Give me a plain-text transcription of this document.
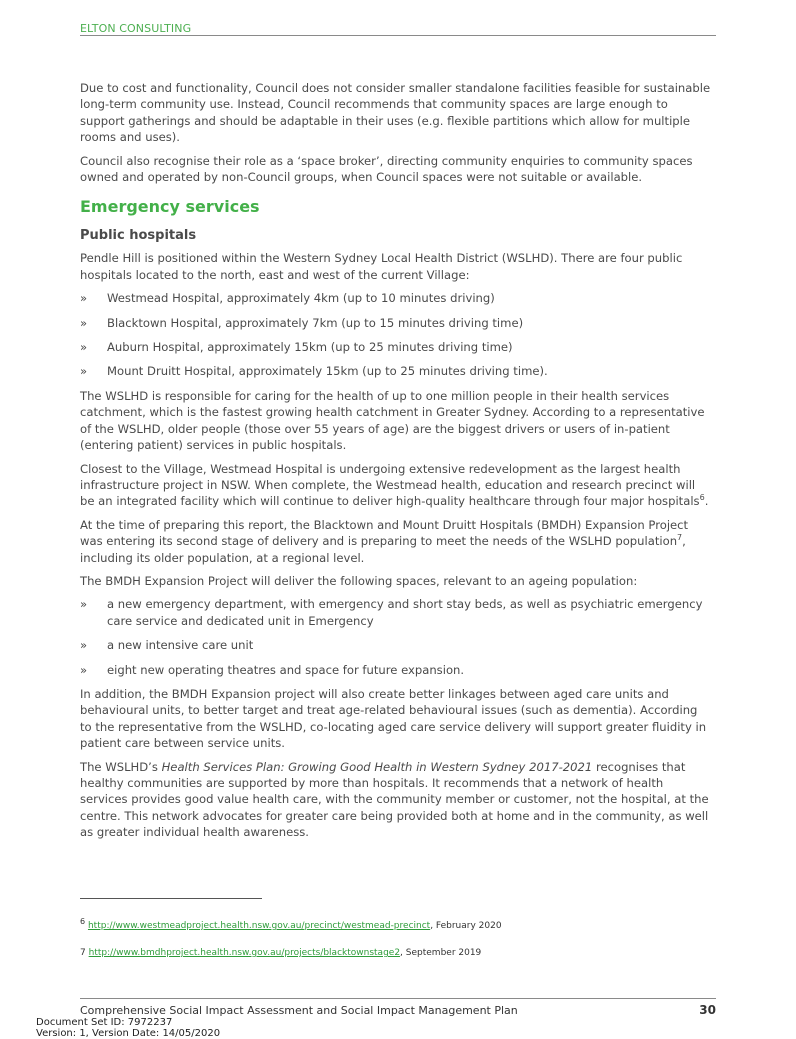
ELTON CONSULTING

Due to cost and functionality, Council does not consider smaller standalone facilities feasible for sustainable long-term community use. Instead, Council recommends that community spaces are large enough to support gatherings and should be adaptable in their uses (e.g. flexible partitions which allow for multiple rooms and uses).

Council also recognise their role as a ‘space broker’, directing community enquiries to community spaces owned and operated by non-Council groups, when Council spaces were not suitable or available.

Emergency services
Public hospitals

Pendle Hill is positioned within the Western Sydney Local Health District (WSLHD). There are four public hospitals located to the north, east and west of the current Village:

» Westmead Hospital, approximately 4km (up to 10 minutes driving)
» Blacktown Hospital, approximately 7km (up to 15 minutes driving time)
» Auburn Hospital, approximately 15km (up to 25 minutes driving time)
» Mount Druitt Hospital, approximately 15km (up to 25 minutes driving time).

The WSLHD is responsible for caring for the health of up to one million people in their health services catchment, which is the fastest growing health catchment in Greater Sydney. According to a representative of the WSLHD, older people (those over 55 years of age) are the biggest drivers or users of in-patient (entering patient) services in public hospitals.

Closest to the Village, Westmead Hospital is undergoing extensive redevelopment as the largest health infrastructure project in NSW. When complete, the Westmead health, education and research precinct will be an integrated facility which will continue to deliver high-quality healthcare through four major hospitals$^6$.

At the time of preparing this report, the Blacktown and Mount Druitt Hospitals (BMDH) Expansion Project was entering its second stage of delivery and is preparing to meet the needs of the WSLHD population$^7$, including its older population, at a regional level.

The BMDH Expansion Project will deliver the following spaces, relevant to an ageing population:

» a new emergency department, with emergency and short stay beds, as well as psychiatric emergency care service and dedicated unit in Emergency
» a new intensive care unit
» eight new operating theatres and space for future expansion.

In addition, the BMDH Expansion project will also create better linkages between aged care units and behavioural units, to better target and treat age-related behavioural issues (such as dementia). According to the representative from the WSLHD, co-locating aged care service delivery will support greater fluidity in patient care between service units.

The WSLHD’s Health Services Plan: Growing Good Health in Western Sydney 2017-2021 recognises that healthy communities are supported by more than hospitals. It recommends that a network of health services provides good value health care, with the community member or customer, not the hospital, at the centre. This network advocates for greater care being provided both at home and in the community, as well as greater individual health awareness.

$^6$ http://www.westmeadproject.health.nsw.gov.au/precinct/westmead-precinct, February 2020
7 http://www.bmdhproject.health.nsw.gov.au/projects/blacktownstage2, September 2019
Comprehensive Social Impact Assessment and Social Impact Management Plan	30
Document Set ID: 7972237
Version: 1, Version Date: 14/05/2020
